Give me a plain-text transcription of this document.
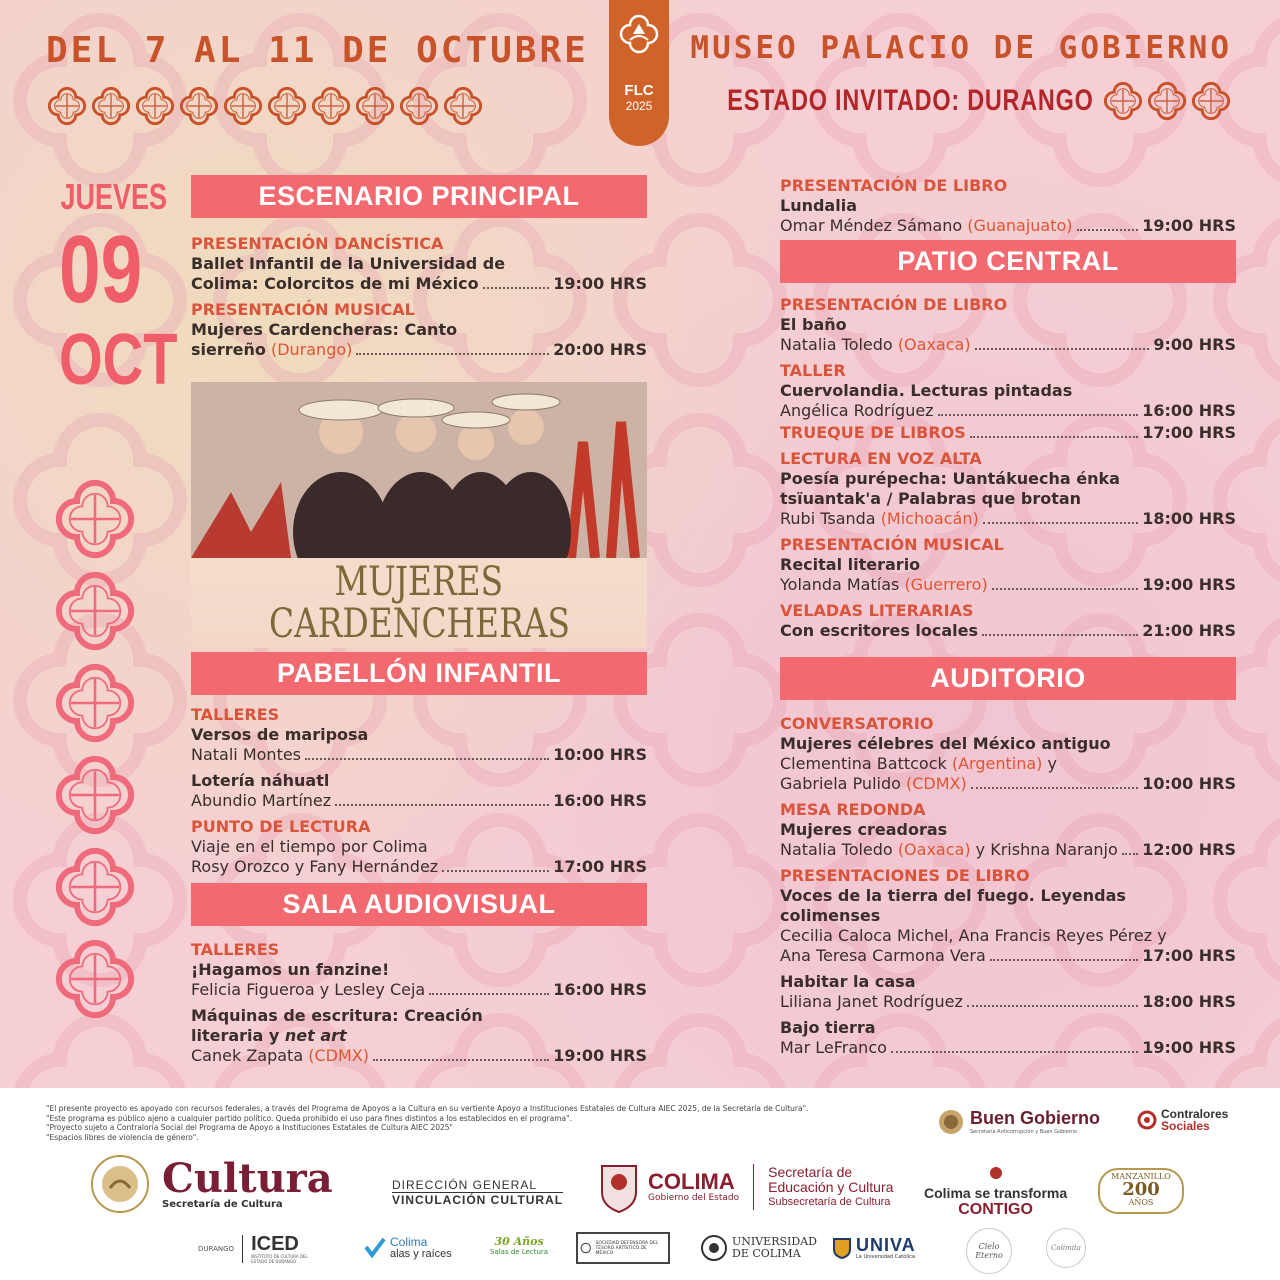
DEL 7 AL 11 DE OCTUBRE
FLC
2025
MUSEO PALACIO DE GOBIERNO
ESTADO INVITADO: DURANGO
JUEVES
09
OCT
ESCENARIO PRINCIPAL
PRESENTACIÓN DANCÍSTICA
Ballet Infantil de la Universidad de
Colima: Colorcitos de mi México	19:00 HRS
PRESENTACIÓN MUSICAL
Mujeres Cardencheras: Canto
sierreño (Durango)	20:00 HRS
MUJERES
CARDENCHERAS
PABELLÓN INFANTIL
TALLERES
Versos de mariposa
Natali Montes	10:00 HRS
Lotería náhuatl
Abundio Martínez	16:00 HRS
PUNTO DE LECTURA
Viaje en el tiempo por Colima
Rosy Orozco y Fany Hernández	17:00 HRS
SALA AUDIOVISUAL
TALLERES
¡Hagamos un fanzine!
Felicia Figueroa y Lesley Ceja	16:00 HRS
Máquinas de escritura: Creación
literaria y net art
Canek Zapata (CDMX)	19:00 HRS
PRESENTACIÓN DE LIBRO
Lundalia
Omar Méndez Sámano (Guanajuato)	19:00 HRS
PATIO CENTRAL
PRESENTACIÓN DE LIBRO
El baño
Natalia Toledo (Oaxaca)	9:00 HRS
TALLER
Cuervolandia. Lecturas pintadas
Angélica Rodríguez	16:00 HRS
TRUEQUE DE LIBROS	17:00 HRS
LECTURA EN VOZ ALTA
Poesía purépecha: Uantákuecha énka
tsïuantak'a / Palabras que brotan
Rubi Tsanda (Michoacán)	18:00 HRS
PRESENTACIÓN MUSICAL
Recital literario
Yolanda Matías (Guerrero)	19:00 HRS
VELADAS LITERARIAS
Con escritores locales	21:00 HRS
AUDITORIO
CONVERSATORIO
Mujeres célebres del México antiguo
Clementina Battcock (Argentina) y
Gabriela Pulido (CDMX)	10:00 HRS
MESA REDONDA
Mujeres creadoras
Natalia Toledo (Oaxaca) y Krishna Naranjo 12:00 HRS
PRESENTACIONES DE LIBRO
Voces de la tierra del fuego. Leyendas
colimenses
Cecilia Caloca Michel, Ana Francis Reyes Pérez y
Ana Teresa Carmona Vera	17:00 HRS
Habitar la casa
Liliana Janet Rodríguez	18:00 HRS
Bajo tierra
Mar LeFranco	19:00 HRS
"El presente proyecto es apoyado con recursos federales, a través del Programa de Apoyos a la Cultura en su vertiente Apoyo a Instituciones Estatales de Cultura AIEC 2025, de la Secretaría de Cultura".
"Este programa es público ajeno a cualquier partido político. Queda prohibido el uso para fines distintos a los establecidos en el programa".
"Proyecto sujeto a Contraloría Social del Programa de Apoyo a Instituciones Estatales de Cultura AIEC 2025"
"Espacios libres de violencia de género".
Buen Gobierno
Secretaría Anticorrupción y Buen Gobierno
Contralores
Sociales
Cultura
Secretaría de Cultura
DIRECCIÓN GENERAL
VINCULACIÓN CULTURAL
COLIMA
Gobierno del Estado
Secretaría de
Educación y Cultura
Subsecretaría de Cultura
Colima se transforma
CONTIGO
MANZANILLO
200
AÑOS
DURANGO ICED
INSTITUTO DE CULTURA DEL ESTADO DE DURANGO
Colima
alas y raíces
30 Años
Salas de Lectura
SOCIEDAD DEFENSORA DEL TESORO ARTÍSTICO DE MÉXICO
UNIVERSIDAD
DE COLIMA	UNIVA
La Universidad Católica
Cielo Eterno
Colimita
